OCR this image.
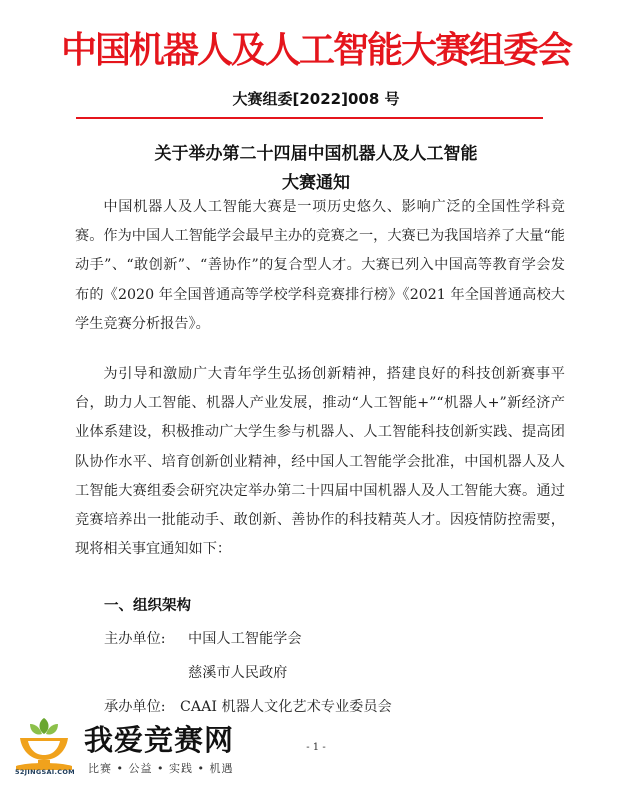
中国机器人及人工智能大赛组委会
大赛组委[2022]008 号
关于举办第二十四届中国机器人及人工智能
大赛通知
中国机器人及人工智能大赛是一项历史悠久、影响广泛的全国性学科竞赛。作为中国人工智能学会最早主办的竞赛之一，大赛已为我国培养了大量“能动手”、“敢创新”、“善协作”的复合型人才。大赛已列入中国高等教育学会发布的《2020 年全国普通高等学校学科竞赛排行榜》《2021 年全国普通高校大学生竞赛分析报告》。
为引导和激励广大青年学生弘扬创新精神，搭建良好的科技创新赛事平台，助力人工智能、机器人产业发展，推动“人工智能+”“机器人+”新经济产业体系建设，积极推动广大学生参与机器人、人工智能科技创新实践、提高团队协作水平、培育创新创业精神，经中国人工智能学会批准，中国机器人及人工智能大赛组委会研究决定举办第二十四届中国机器人及人工智能大赛。通过竞赛培养出一批能动手、敢创新、善协作的科技精英人才。因疫情防控需要，现将相关事宜通知如下：
一、组织架构
主办单位: 中国人工智能学会
慈溪市人民政府
承办单位: CAAI 机器人文化艺术专业委员会
- 1 -
52JINGSAI.COM
我爱竞赛网
比赛 • 公益 • 实践 • 机遇
